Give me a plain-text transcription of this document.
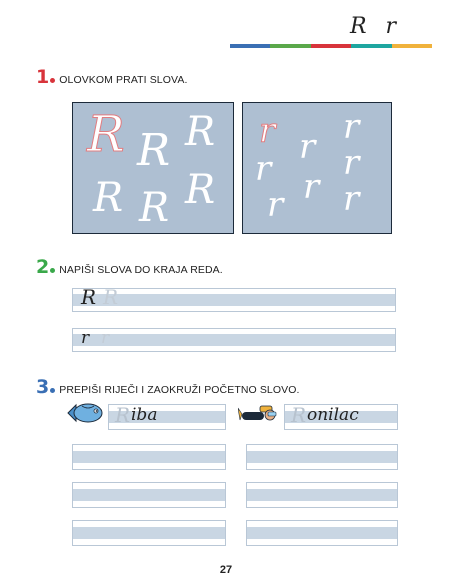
R r
1 OLOVKOM PRATI SLOVA.
R R R
R R R
r r r
r r
r r
r
2 NAPIŠI SLOVA DO KRAJA REDA.
R R
r r
3 PREPIŠI RIJEČI I ZAOKRUŽI POČETNO SLOVO.
R iba	R onilac
27
